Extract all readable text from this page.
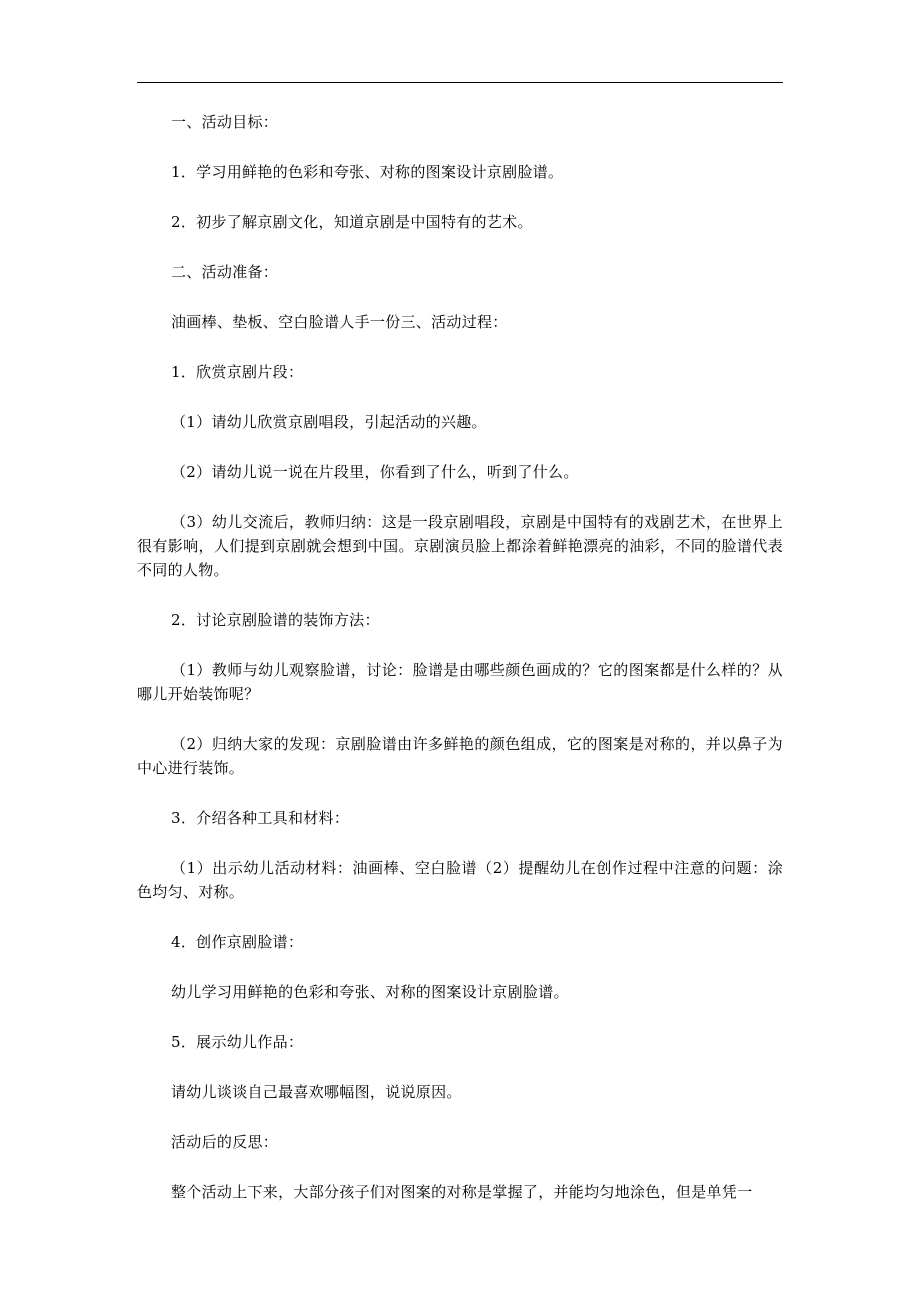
一、活动目标：

1．学习用鲜艳的色彩和夸张、对称的图案设计京剧脸谱。

2．初步了解京剧文化，知道京剧是中国特有的艺术。

二、活动准备：

油画棒、垫板、空白脸谱人手一份三、活动过程：

1．欣赏京剧片段：

（1）请幼儿欣赏京剧唱段，引起活动的兴趣。

（2）请幼儿说一说在片段里，你看到了什么，听到了什么。

（3）幼儿交流后，教师归纳：这是一段京剧唱段，京剧是中国特有的戏剧艺术，在世界上很有影响，人们提到京剧就会想到中国。京剧演员脸上都涂着鲜艳漂亮的油彩，不同的脸谱代表不同的人物。

2．讨论京剧脸谱的装饰方法：

（1）教师与幼儿观察脸谱，讨论：脸谱是由哪些颜色画成的？它的图案都是什么样的？从哪儿开始装饰呢？

（2）归纳大家的发现：京剧脸谱由许多鲜艳的颜色组成，它的图案是对称的，并以鼻子为中心进行装饰。

3．介绍各种工具和材料：

（1）出示幼儿活动材料：油画棒、空白脸谱（2）提醒幼儿在创作过程中注意的问题：涂色均匀、对称。

4．创作京剧脸谱：

幼儿学习用鲜艳的色彩和夸张、对称的图案设计京剧脸谱。

5．展示幼儿作品：

请幼儿谈谈自己最喜欢哪幅图，说说原因。

活动后的反思：

整个活动上下来，大部分孩子们对图案的对称是掌握了，并能均匀地涂色，但是单凭一
